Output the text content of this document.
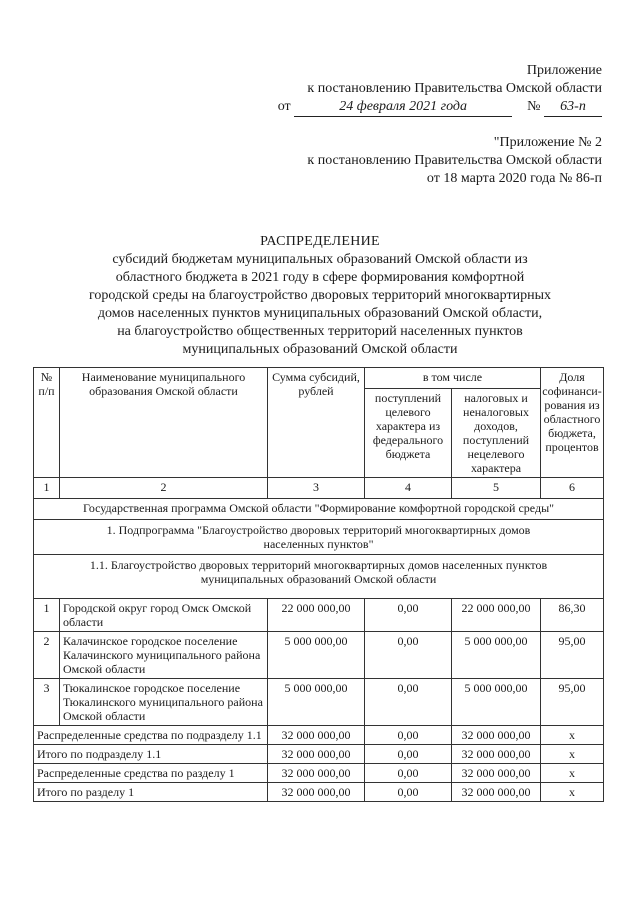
Приложение
к постановлению Правительства Омской области
от	24 февраля 2021 года	№ 63-п
"Приложение № 2
к постановлению Правительства Омской области
от 18 марта 2020 года № 86-п
РАСПРЕДЕЛЕНИЕ
субсидий бюджетам муниципальных образований Омской области из
областного бюджета в 2021 году в сфере формирования комфортной
городской среды на благоустройство дворовых территорий многоквартирных
домов населенных пунктов муниципальных образований Омской области,
на благоустройство общественных территорий населенных пунктов
муниципальных образований Омской области
№ п/п	Наименование муниципального образования Омской области	Сумма субсидий, рублей	в том числе		Доля софинанси-рования из областного бюджета, процентов
			поступлений целевого характера из федерального бюджета	налоговых и неналоговых доходов, поступлений нецелевого характера	
1	2	3	4	5	6
Государственная программа Омской области "Формирование комфортной городской среды"					
1. Подпрограмма "Благоустройство дворовых территорий многоквартирных домов населенных пунктов"					
1.1. Благоустройство дворовых территорий многоквартирных домов населенных пунктов муниципальных образований Омской области					
1	Городской округ город Омск Омской области	22 000 000,00	0,00	22 000 000,00	86,30
2	Калачинское городское поселение Калачинского муниципального района Омской области	5 000 000,00	0,00	5 000 000,00	95,00
3	Тюкалинское городское поселение Тюкалинского муниципального района Омской области	5 000 000,00	0,00	5 000 000,00	95,00
Распределенные средства по подразделу 1.1		32 000 000,00	0,00	32 000 000,00	x
Итого по подразделу 1.1		32 000 000,00	0,00	32 000 000,00	x
Распределенные средства по разделу 1		32 000 000,00	0,00	32 000 000,00	x
Итого по разделу 1		32 000 000,00	0,00	32 000 000,00	x
